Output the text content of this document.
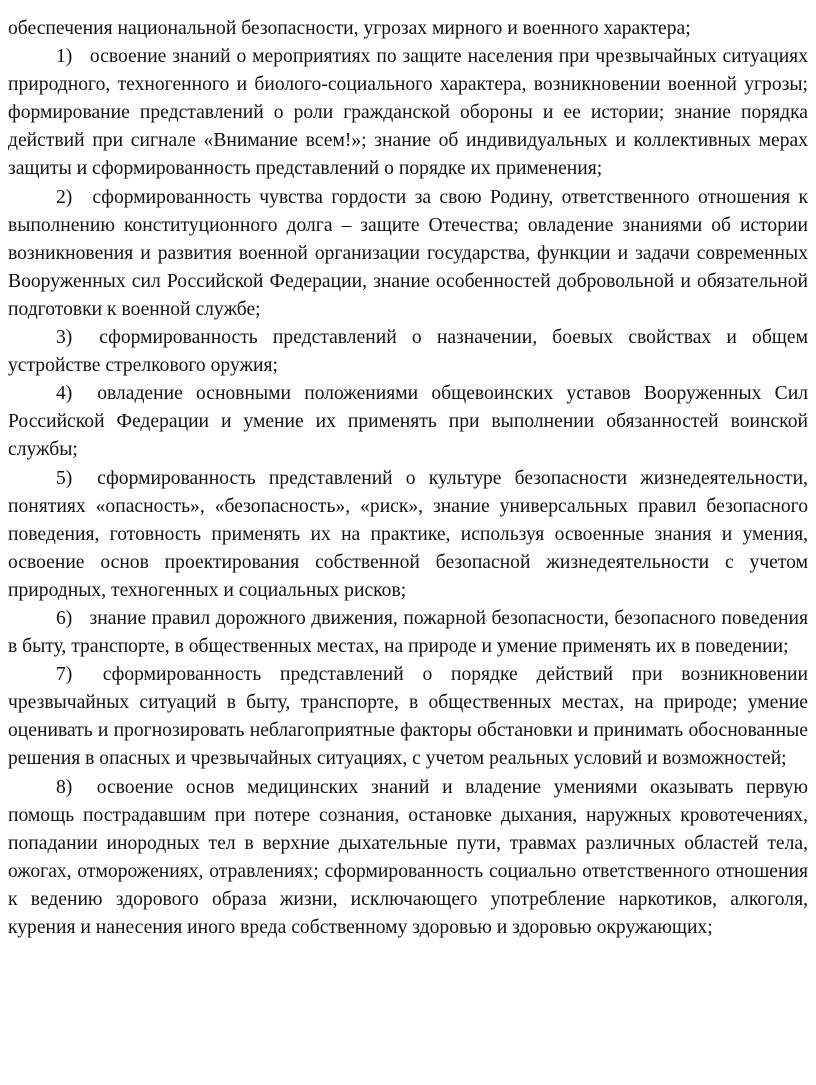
обеспечения национальной безопасности, угрозах мирного и военного характера;

1) освоение знаний о мероприятиях по защите населения при чрезвычайных ситуациях природного, техногенного и биолого-социального характера, возникновении военной угрозы; формирование представлений о роли гражданской обороны и ее истории; знание порядка действий при сигнале «Внимание всем!»; знание об индивидуальных и коллективных мерах защиты и сформированность представлений о порядке их применения;

2) сформированность чувства гордости за свою Родину, ответственного отношения к выполнению конституционного долга – защите Отечества; овладение знаниями об истории возникновения и развития военной организации государства, функции и задачи современных Вооруженных сил Российской Федерации, знание особенностей добровольной и обязательной подготовки к военной службе;

3) сформированность представлений о назначении, боевых свойствах и общем устройстве стрелкового оружия;

4) овладение основными положениями общевоинских уставов Вооруженных Сил Российской Федерации и умение их применять при выполнении обязанностей воинской службы;

5) сформированность представлений о культуре безопасности жизнедеятельности, понятиях «опасность», «безопасность», «риск», знание универсальных правил безопасного поведения, готовность применять их на практике, используя освоенные знания и умения, освоение основ проектирования собственной безопасной жизнедеятельности с учетом природных, техногенных и социальных рисков;

6) знание правил дорожного движения, пожарной безопасности, безопасного поведения в быту, транспорте, в общественных местах, на природе и умение применять их в поведении;

7) сформированность представлений о порядке действий при возникновении чрезвычайных ситуаций в быту, транспорте, в общественных местах, на природе; умение оценивать и прогнозировать неблагоприятные факторы обстановки и принимать обоснованные решения в опасных и чрезвычайных ситуациях, с учетом реальных условий и возможностей;

8) освоение основ медицинских знаний и владение умениями оказывать первую помощь пострадавшим при потере сознания, остановке дыхания, наружных кровотечениях, попадании инородных тел в верхние дыхательные пути, травмах различных областей тела, ожогах, отморожениях, отравлениях; сформированность социально ответственного отношения к ведению здорового образа жизни, исключающего употребление наркотиков, алкоголя, курения и нанесения иного вреда собственному здоровью и здоровью окружающих;
